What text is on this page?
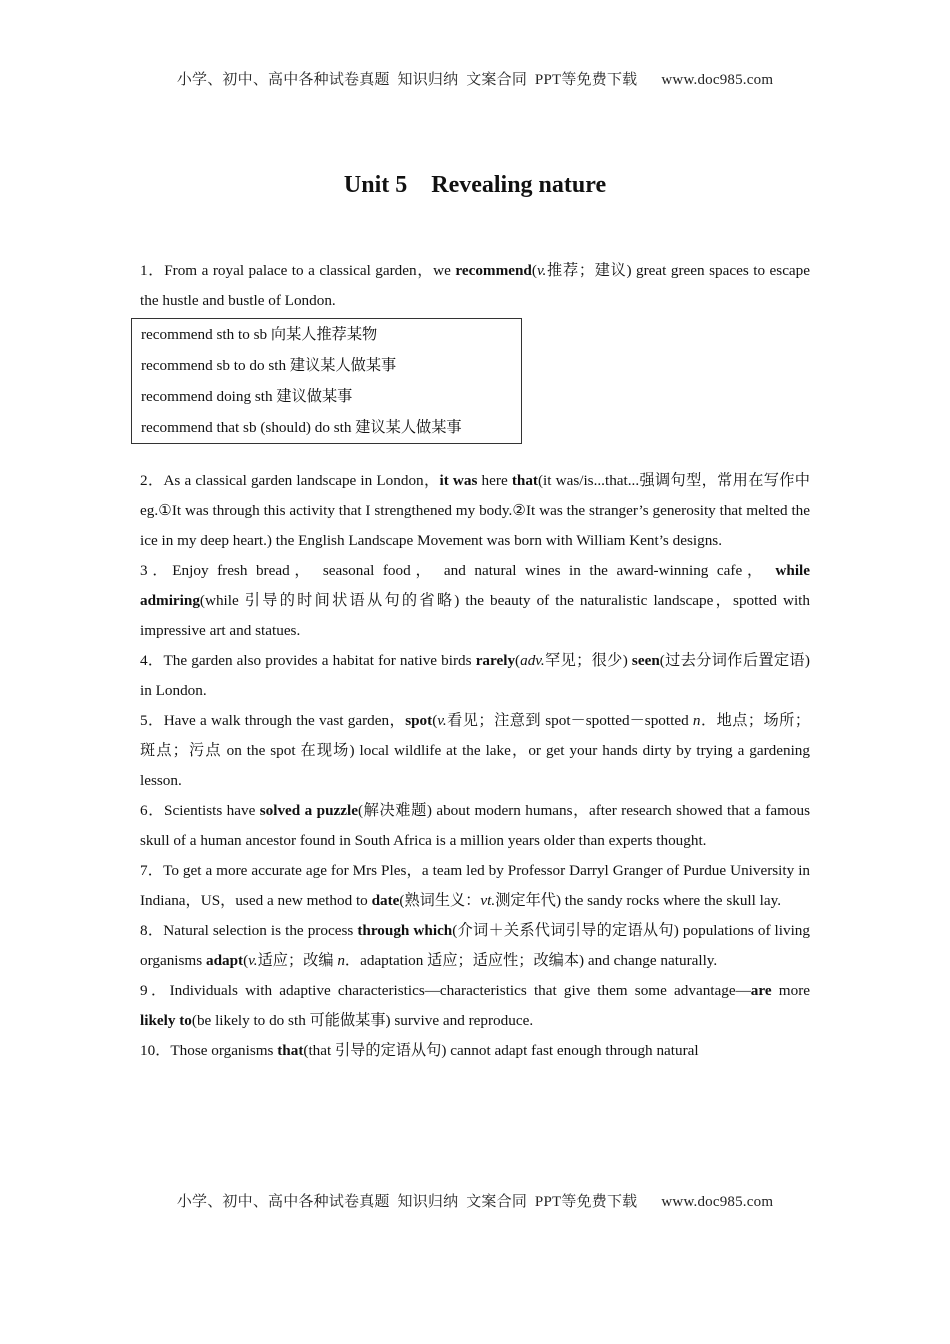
小学、初中、高中各种试卷真题  知识归纳  文案合同  PPT等免费下载 www.doc985.com
Unit 5    Revealing nature

1．From a royal palace to a classical garden，we recommend(v.推荐；建议) great green spaces to escape the hustle and bustle of London.

recommend sth to sb 向某人推荐某物
recommend sb to do sth 建议某人做某事
recommend doing sth 建议做某事
recommend that sb (should) do sth 建议某人做某事

2．As a classical garden landscape in London，it was here that(it was/is...that...强调句型，常用在写作中 eg.①It was through this activity that I strengthened my body.②It was the stranger’s generosity that melted the ice in my deep heart.) the English Landscape Movement was born with William Kent’s designs.

3．Enjoy fresh bread， seasonal food， and natural wines in the award-winning cafe， while admiring(while 引导的时间状语从句的省略) the beauty of the naturalistic landscape，spotted with impressive art and statues.

4．The garden also provides a habitat for native birds rarely(adv.罕见；很少) seen(过去分词作后置定语) in London.

5．Have a walk through the vast garden，spot(v.看见；注意到 spot－spotted－spotted n．地点；场所；斑点；污点 on the spot 在现场) local wildlife at the lake，or get your hands dirty by trying a gardening lesson.

6．Scientists have solved a puzzle(解决难题) about modern humans，after research showed that a famous skull of a human ancestor found in South Africa is a million years older than experts thought.

7．To get a more accurate age for Mrs Ples，a team led by Professor Darryl Granger of Purdue University in Indiana，US，used a new method to date(熟词生义：vt.测定年代) the sandy rocks where the skull lay.

8．Natural selection is the process through which(介词＋关系代词引导的定语从句) populations of living organisms adapt(v.适应；改编 n．adaptation 适应；适应性；改编本) and change naturally.

9．Individuals with adaptive characteristics—characteristics that give them some advantage—are more likely to(be likely to do sth 可能做某事) survive and reproduce.

10．Those organisms that(that 引导的定语从句) cannot adapt fast enough through natural

小学、初中、高中各种试卷真题  知识归纳  文案合同  PPT等免费下载 www.doc985.com
